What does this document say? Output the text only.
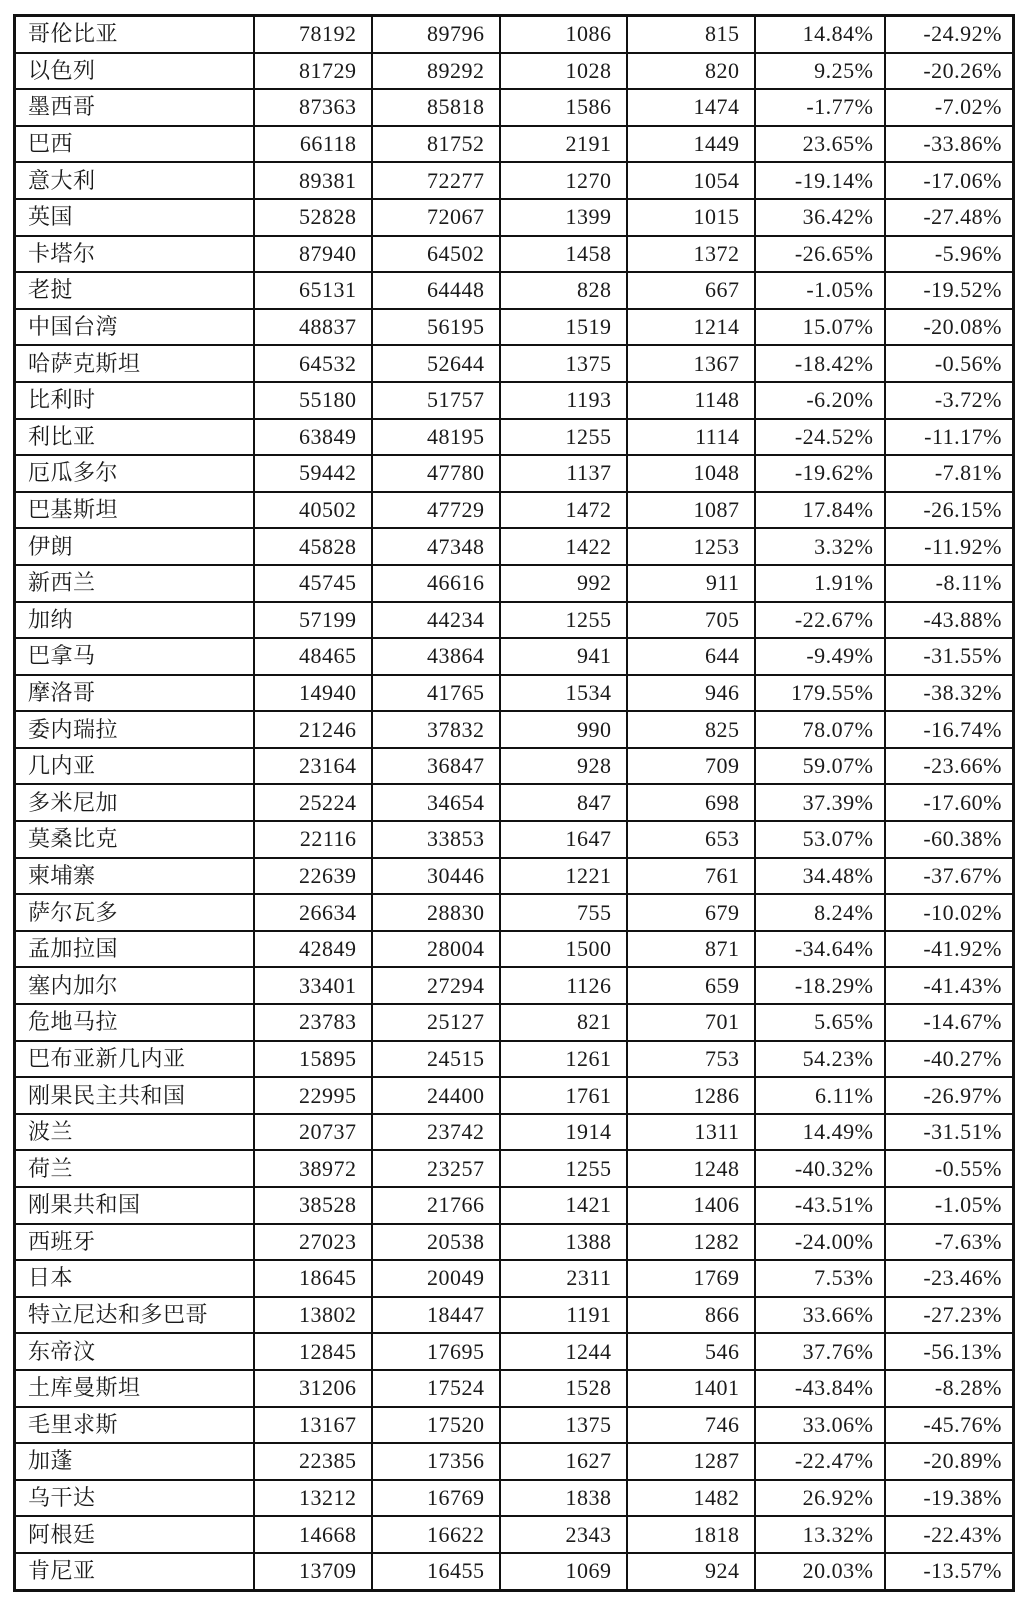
哥伦比亚	78192	89796	1086	815	14.84%	-24.92%
以色列	81729	89292	1028	820	9.25%	-20.26%
墨西哥	87363	85818	1586	1474	-1.77%	-7.02%
巴西	66118	81752	2191	1449	23.65%	-33.86%
意大利	89381	72277	1270	1054	-19.14%	-17.06%
英国	52828	72067	1399	1015	36.42%	-27.48%
卡塔尔	87940	64502	1458	1372	-26.65%	-5.96%
老挝	65131	64448	828	667	-1.05%	-19.52%
中国台湾	48837	56195	1519	1214	15.07%	-20.08%
哈萨克斯坦	64532	52644	1375	1367	-18.42%	-0.56%
比利时	55180	51757	1193	1148	-6.20%	-3.72%
利比亚	63849	48195	1255	1114	-24.52%	-11.17%
厄瓜多尔	59442	47780	1137	1048	-19.62%	-7.81%
巴基斯坦	40502	47729	1472	1087	17.84%	-26.15%
伊朗	45828	47348	1422	1253	3.32%	-11.92%
新西兰	45745	46616	992	911	1.91%	-8.11%
加纳	57199	44234	1255	705	-22.67%	-43.88%
巴拿马	48465	43864	941	644	-9.49%	-31.55%
摩洛哥	14940	41765	1534	946	179.55%	-38.32%
委内瑞拉	21246	37832	990	825	78.07%	-16.74%
几内亚	23164	36847	928	709	59.07%	-23.66%
多米尼加	25224	34654	847	698	37.39%	-17.60%
莫桑比克	22116	33853	1647	653	53.07%	-60.38%
柬埔寨	22639	30446	1221	761	34.48%	-37.67%
萨尔瓦多	26634	28830	755	679	8.24%	-10.02%
孟加拉国	42849	28004	1500	871	-34.64%	-41.92%
塞内加尔	33401	27294	1126	659	-18.29%	-41.43%
危地马拉	23783	25127	821	701	5.65%	-14.67%
巴布亚新几内亚	15895	24515	1261	753	54.23%	-40.27%
刚果民主共和国	22995	24400	1761	1286	6.11%	-26.97%
波兰	20737	23742	1914	1311	14.49%	-31.51%
荷兰	38972	23257	1255	1248	-40.32%	-0.55%
刚果共和国	38528	21766	1421	1406	-43.51%	-1.05%
西班牙	27023	20538	1388	1282	-24.00%	-7.63%
日本	18645	20049	2311	1769	7.53%	-23.46%
特立尼达和多巴哥	13802	18447	1191	866	33.66%	-27.23%
东帝汶	12845	17695	1244	546	37.76%	-56.13%
土库曼斯坦	31206	17524	1528	1401	-43.84%	-8.28%
毛里求斯	13167	17520	1375	746	33.06%	-45.76%
加蓬	22385	17356	1627	1287	-22.47%	-20.89%
乌干达	13212	16769	1838	1482	26.92%	-19.38%
阿根廷	14668	16622	2343	1818	13.32%	-22.43%
肯尼亚	13709	16455	1069	924	20.03%	-13.57%
